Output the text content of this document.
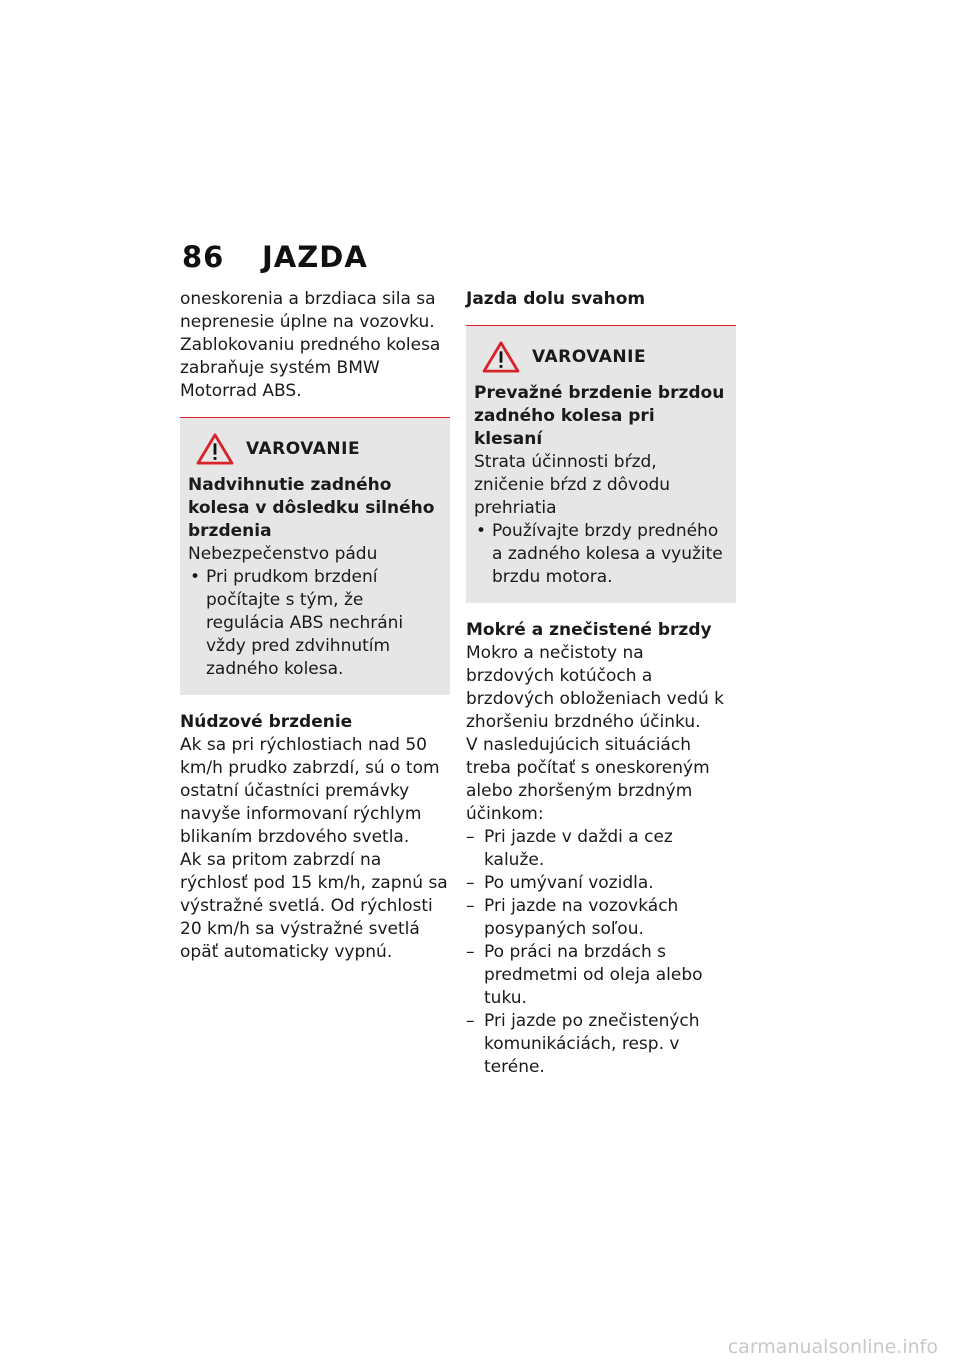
86 JAZDA

oneskorenia a brzdiaca sila sa neprenesie úplne na vozovku. Zablokovaniu predného kolesa zabraňuje systém BMW Motorrad ABS.

VAROVANIE

Nadvihnutie zadného kolesa v dôsledku silného brzdenia

Nebezpečenstvo pádu

• Pri prudkom brzdení počítajte s tým, že regulácia ABS nechráni vždy pred zdvihnutím zadného kolesa.

Núdzové brzdenie

Ak sa pri rýchlostiach nad 50 km/h prudko zabrzdí, sú o tom ostatní účastníci premávky navyše informovaní rýchlym blikaním brzdového svetla.

Ak sa pritom zabrzdí na rýchlosť pod 15 km/h, zapnú sa výstražné svetlá. Od rýchlosti 20 km/h sa výstražné svetlá opäť automaticky vypnú.

Jazda dolu svahom

VAROVANIE

Prevažné brzdenie brzdou zadného kolesa pri klesaní

Strata účinnosti bŕzd, zničenie bŕzd z dôvodu prehriatia

• Používajte brzdy predného a zadného kolesa a využite brzdu motora.

Mokré a znečistené brzdy

Mokro a nečistoty na brzdových kotúčoch a brzdových obloženiach vedú k zhoršeniu brzdného účinku.

V nasledujúcich situáciách treba počítať s oneskoreným alebo zhoršeným brzdným účinkom:

– Pri jazde v daždi a cez kaluže.

– Po umývaní vozidla.

– Pri jazde na vozovkách posypaných soľou.

– Po práci na brzdách s predmetmi od oleja alebo tuku.

– Pri jazde po znečistených komunikáciách, resp. v teréne.

carmanualsonline.info
